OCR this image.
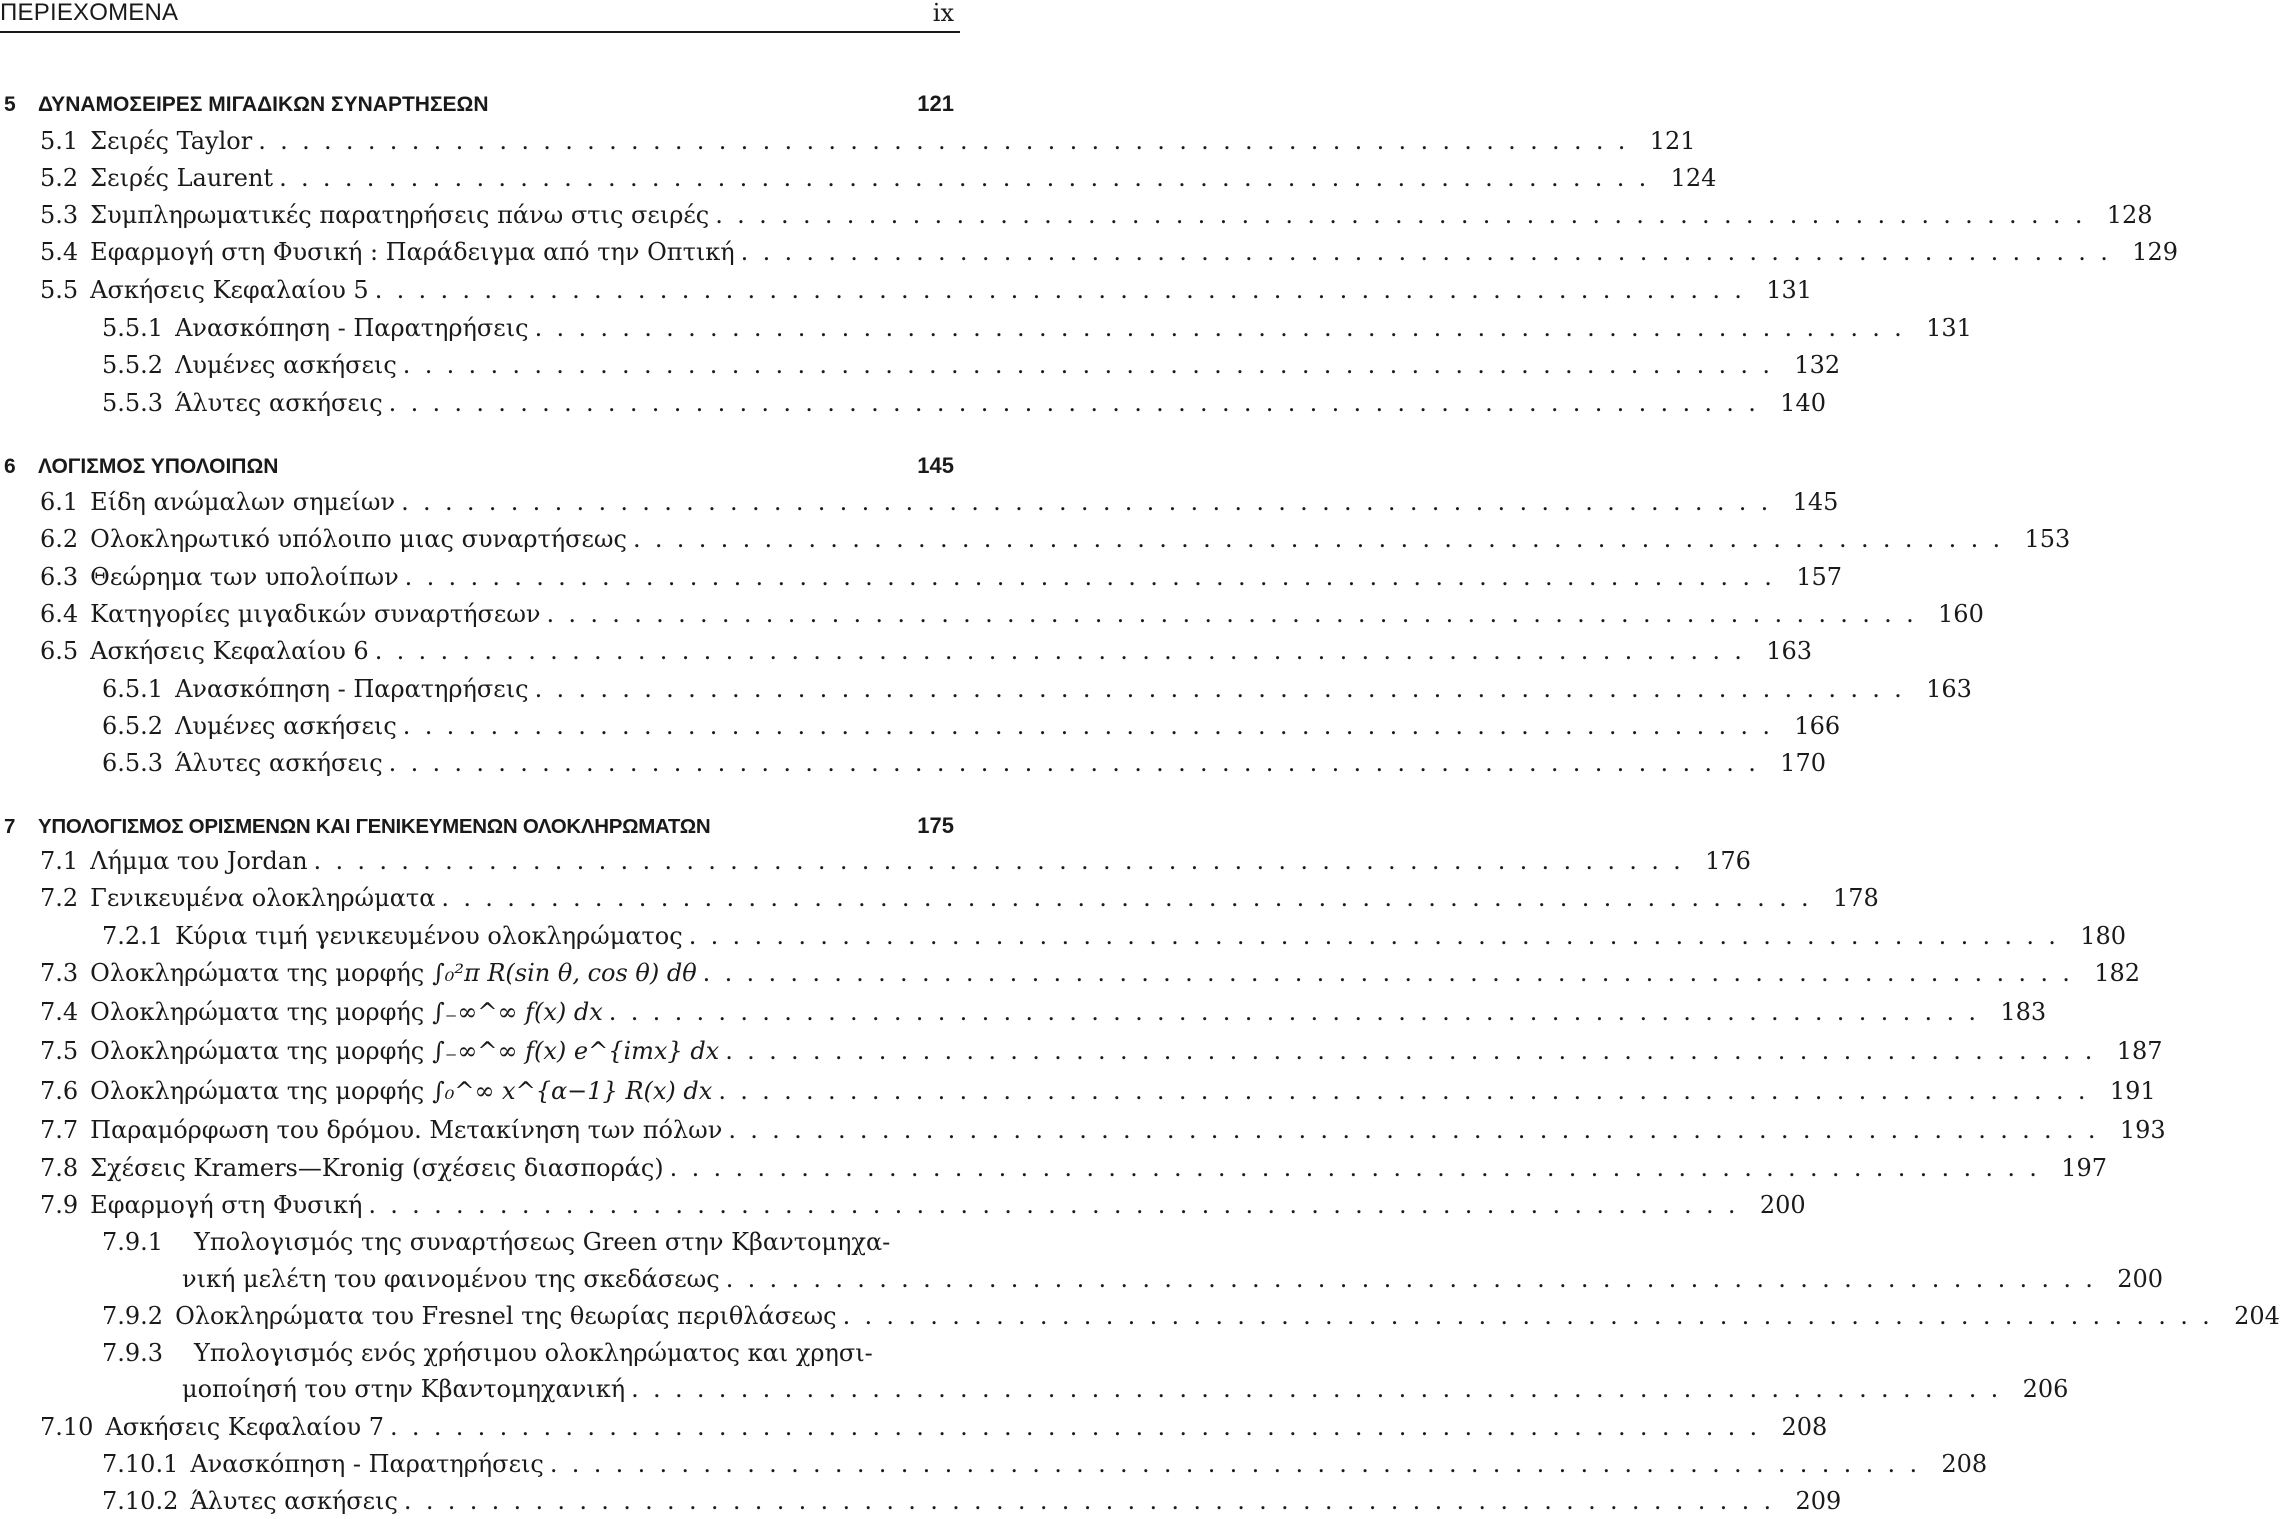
ΠΕΡΙΕΧΟΜΕΝΑ	ix
5	ΔΥΝΑΜΟΣΕΙΡΕΣ ΜΙΓΑΔΙΚΩΝ ΣΥΝΑΡΤΗΣΕΩΝ	121
5.1 Σειρές Taylor ............................................................... 121
5.2 Σειρές Laurent ............................................................... 124
5.3 Συμπληρωματικές παρατηρήσεις πάνω στις σειρές ............................................................... 128
5.4 Εφαρμογή στη Φυσική : Παράδειγμα από την Οπτική ............................................................... 129
5.5 Ασκήσεις Κεφαλαίου 5 ............................................................... 131
5.5.1 Ανασκόπηση - Παρατηρήσεις ............................................................... 131
5.5.2 Λυμένες ασκήσεις ............................................................... 132
5.5.3 Άλυτες ασκήσεις ............................................................... 140
6	ΛΟΓΙΣΜΟΣ ΥΠΟΛΟΙΠΩΝ	145
6.1 Είδη ανώμαλων σημείων ............................................................... 145
6.2 Ολοκληρωτικό υπόλοιπο μιας συναρτήσεως ............................................................... 153
6.3 Θεώρημα των υπολοίπων ............................................................... 157
6.4 Κατηγορίες μιγαδικών συναρτήσεων ............................................................... 160
6.5 Ασκήσεις Κεφαλαίου 6 ............................................................... 163
6.5.1 Ανασκόπηση - Παρατηρήσεις ............................................................... 163
6.5.2 Λυμένες ασκήσεις ............................................................... 166
6.5.3 Άλυτες ασκήσεις ............................................................... 170
7	ΥΠΟΛΟΓΙΣΜΟΣ ΟΡΙΣΜΕΝΩΝ ΚΑΙ ΓΕΝΙΚΕΥΜΕΝΩΝ ΟΛΟΚΛΗΡΩΜΑΤΩΝ	175
7.1 Λήμμα του Jordan ............................................................... 176
7.2 Γενικευμένα ολοκληρώματα ............................................................... 178
7.2.1 Κύρια τιμή γενικευμένου ολοκληρώματος ............................................................... 180
7.3 Ολοκληρώματα της μορφής ∫₀²π R(sin θ, cos θ) dθ ............................................................... 182
7.4 Ολοκληρώματα της μορφής ∫₋∞^∞ f(x) dx ............................................................... 183
7.5 Ολοκληρώματα της μορφής ∫₋∞^∞ f(x) e^{imx} dx ............................................................... 187
7.6 Ολοκληρώματα της μορφής ∫₀^∞ x^{α−1} R(x) dx ............................................................... 191
7.7 Παραμόρφωση του δρόμου. Μετακίνηση των πόλων ............................................................... 193
7.8 Σχέσεις Kramers—Kronig (σχέσεις διασποράς) ............................................................... 197
7.9 Εφαρμογή στη Φυσική ............................................................... 200
7.9.1	Υπολογισμός της συναρτήσεως Green στην Κβαντομηχα-
νική μελέτη του φαινομένου της σκεδάσεως ............................................................... 200
7.9.2 Ολοκληρώματα του Fresnel της θεωρίας περιθλάσεως ............................................................... 204
7.9.3	Υπολογισμός ενός χρήσιμου ολοκληρώματος και χρησι-
μοποίησή του στην Κβαντομηχανική ............................................................... 206
7.10 Ασκήσεις Κεφαλαίου 7 ............................................................... 208
7.10.1 Ανασκόπηση - Παρατηρήσεις ............................................................... 208
7.10.2 Άλυτες ασκήσεις ............................................................... 209
